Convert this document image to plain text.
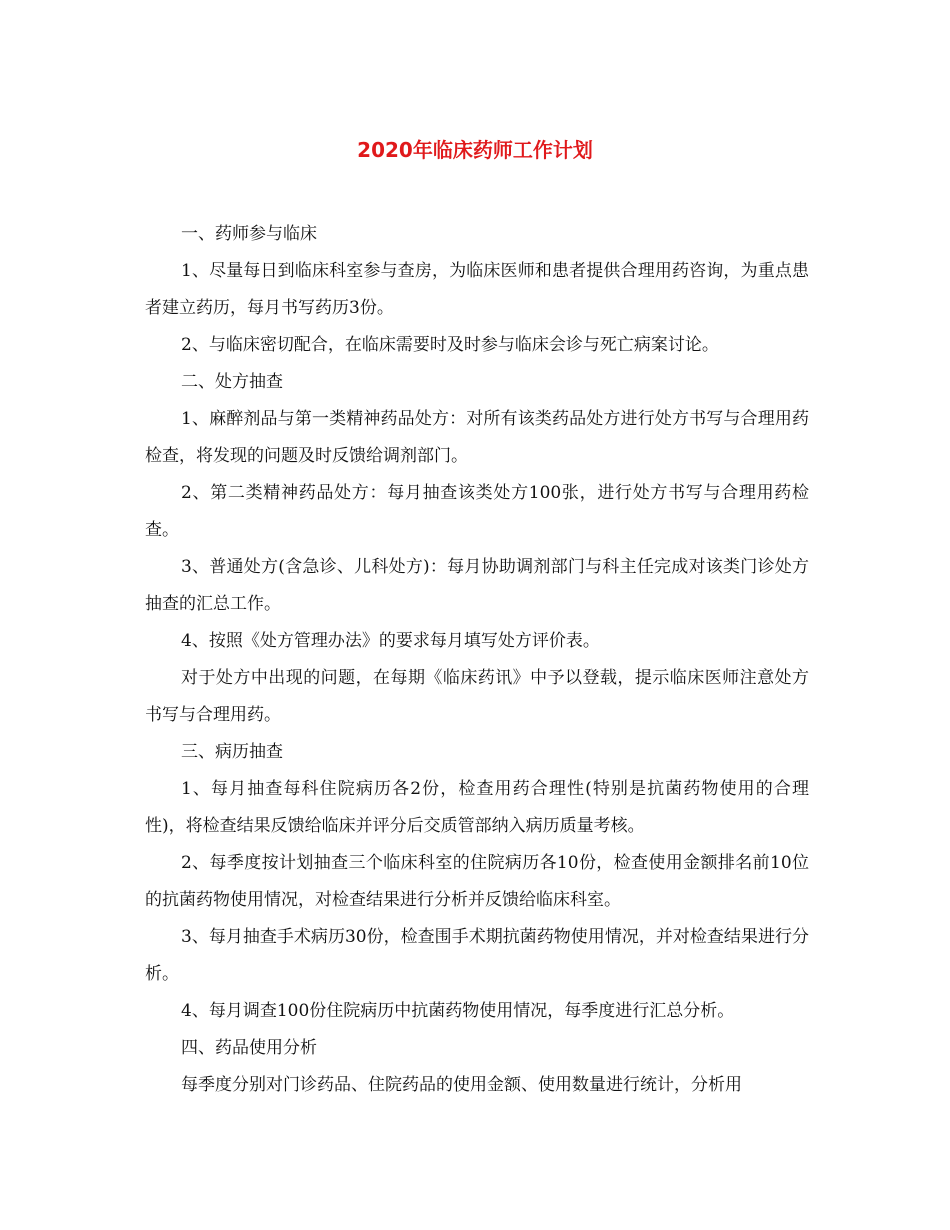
2020年临床药师工作计划

一、药师参与临床

1、尽量每日到临床科室参与查房，为临床医师和患者提供合理用药咨询，为重点患者建立药历，每月书写药历3份。

2、与临床密切配合，在临床需要时及时参与临床会诊与死亡病案讨论。

二、处方抽查

1、麻醉剂品与第一类精神药品处方：对所有该类药品处方进行处方书写与合理用药检查，将发现的问题及时反馈给调剂部门。

2、第二类精神药品处方：每月抽查该类处方100张，进行处方书写与合理用药检查。

3、普通处方(含急诊、儿科处方)：每月协助调剂部门与科主任完成对该类门诊处方抽查的汇总工作。

4、按照《处方管理办法》的要求每月填写处方评价表。

对于处方中出现的问题，在每期《临床药讯》中予以登载，提示临床医师注意处方书写与合理用药。

三、病历抽查

1、每月抽查每科住院病历各2份，检查用药合理性(特别是抗菌药物使用的合理性)，将检查结果反馈给临床并评分后交质管部纳入病历质量考核。

2、每季度按计划抽查三个临床科室的住院病历各10份，检查使用金额排名前10位的抗菌药物使用情况，对检查结果进行分析并反馈给临床科室。

3、每月抽查手术病历30份，检查围手术期抗菌药物使用情况，并对检查结果进行分析。

4、每月调查100份住院病历中抗菌药物使用情况，每季度进行汇总分析。

四、药品使用分析

每季度分别对门诊药品、住院药品的使用金额、使用数量进行统计，分析用
